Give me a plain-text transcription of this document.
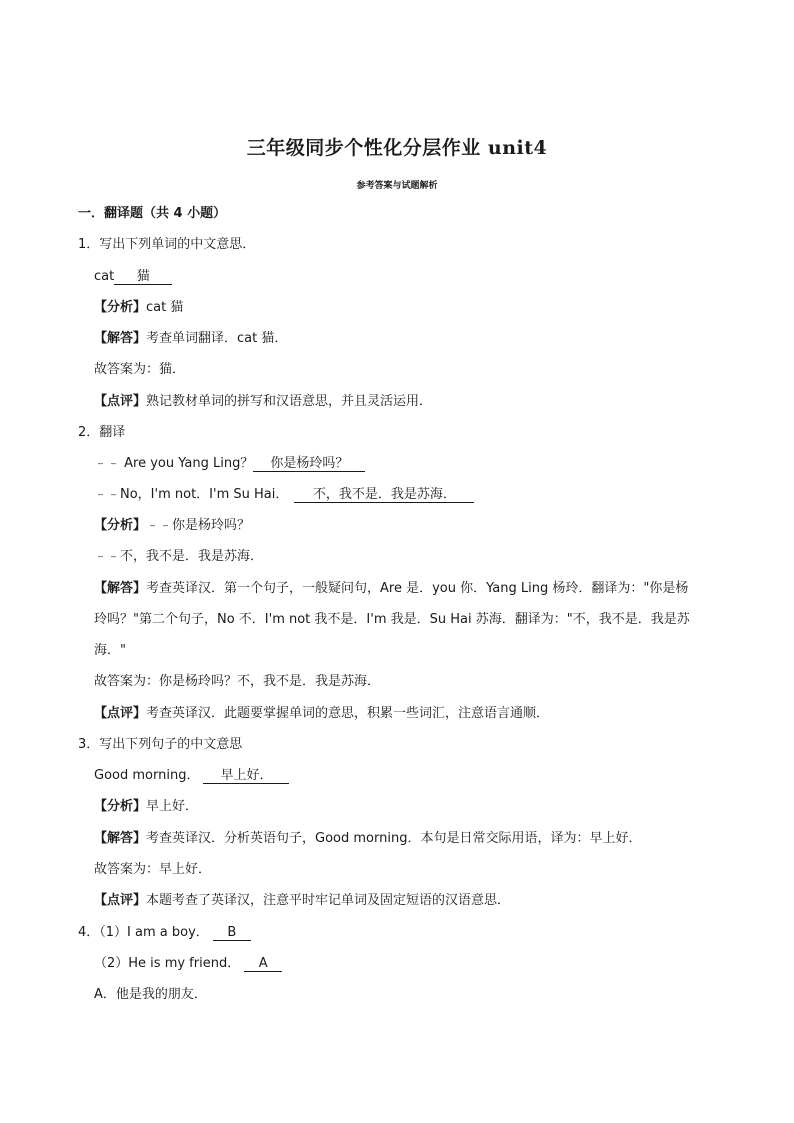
三年级同步个性化分层作业 unit4
参考答案与试题解析
一．翻译题（共 4 小题）
1．写出下列单词的中文意思．
cat 猫
【分析】cat 猫
【解答】考查单词翻译．cat 猫．
故答案为：猫．
【点评】熟记教材单词的拼写和汉语意思，并且灵活运用．
2．翻译
﹣﹣ Are you Yang Ling？ 你是杨玲吗？
﹣﹣No，I'm not．I'm Su Hai． 不，我不是．我是苏海．
【分析】﹣﹣你是杨玲吗？
﹣﹣不，我不是．我是苏海．
【解答】考查英译汉．第一个句子，一般疑问句，Are 是．you 你．Yang Ling 杨玲．翻译为："你是杨
玲吗？"第二个句子，No 不．I'm not 我不是．I'm 我是．Su Hai 苏海．翻译为："不，我不是．我是苏
海．"
故答案为：你是杨玲吗？不，我不是．我是苏海．
【点评】考查英译汉．此题要掌握单词的意思，积累一些词汇，注意语言通顺．
3．写出下列句子的中文意思
Good morning． 早上好．
【分析】早上好．
【解答】考查英译汉．分析英语句子，Good morning．本句是日常交际用语，译为：早上好．
故答案为：早上好．
【点评】本题考查了英译汉，注意平时牢记单词及固定短语的汉语意思．
4．（1）I am a boy． B
（2）He is my friend． A
A．他是我的朋友．
